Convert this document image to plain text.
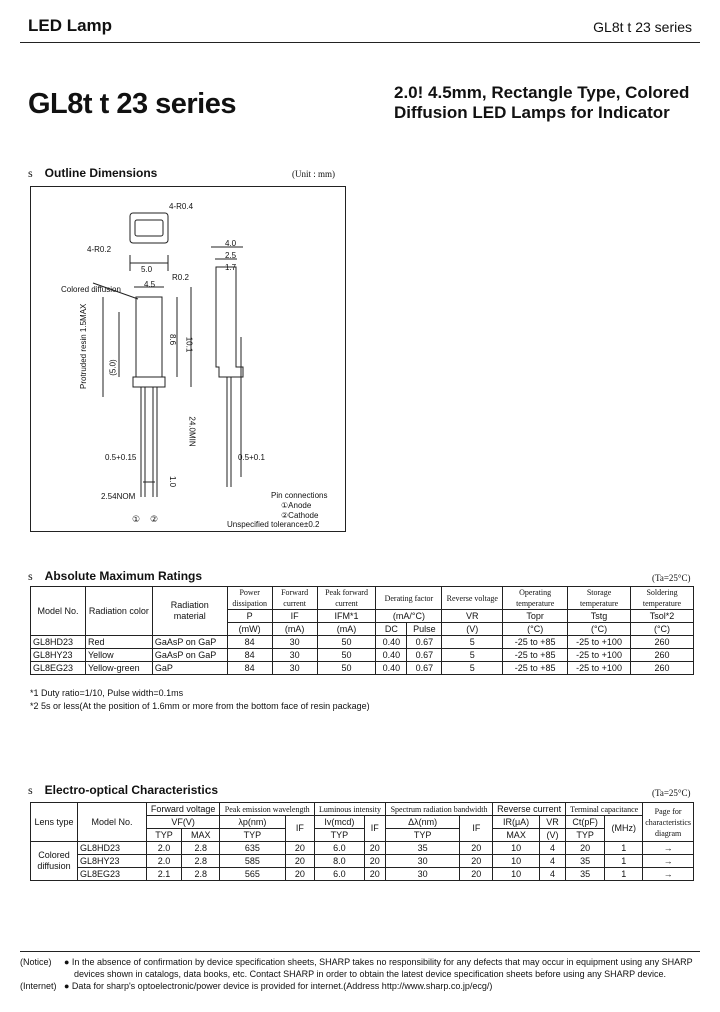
LED Lamp	GL8t t 23 series
GL8t t 23 series	2.0! 4.5mm, Rectangle Type, Colored Diffusion LED Lamps for Indicator
s Outline Dimensions	(Unit : mm)
4-R0.4
4-R0.2
5.0
4.5
R0.2
Colored diffusion
Protruded resin 1.5MAX	8.6 10.1
(5.0)
24.0MIN
0.5+0.15	0.5+0.1
1.0
4.0
2.5
1.7
2.54NOM
① ②
Pin connections
①Anode
②Cathode
Unspecified tolerance±0.2
s Absolute Maximum Ratings	(Ta=25°C)
Model No.	Radiation color	Radiation material	Power dissipation	Forward current	Peak forward current	Derating factor		Reverse voltage	Operating temperature	Storage temperature	Soldering temperature
			P	IF	IFM*1	(mA/°C)		VR	Topr	Tstg	Tsol*2
			(mW)	(mA)	(mA)	DC	Pulse	(V)	(°C)	(°C)	(°C)
GL8HD23	Red	GaAsP on GaP	84	30	50	0.40	0.67	5	-25 to +85	-25 to +100	260
GL8HY23	Yellow	GaAsP on GaP	84	30	50	0.40	0.67	5	-25 to +85	-25 to +100	260
GL8EG23	Yellow-green	GaP	84	30	50	0.40	0.67	5	-25 to +85	-25 to +100	260
*1 Duty ratio=1/10, Pulse width=0.1ms
*2 5s or less(At the position of 1.6mm or more from the bottom face of resin package)
s Electro-optical Characteristics	(Ta=25°C)
Lens type	Model No.	Forward voltage		Peak emission wavelength		Luminous intensity		Spectrum radiation bandwidth		Reverse current		Terminal capacitance		Page for characteristics diagram
		VF(V)		λp(nm)	IF	Iv(mcd)	IF	Δλ(nm)	IF	IR(μA)	VR	Ct(pF)	(MHz)	
		TYP	MAX	TYP		TYP		TYP		MAX	(V)	TYP		
Colored diffusion	GL8HD23	2.0	2.8	635	20	6.0	20	35	20	10	4	20	1	→
	GL8HY23	2.0	2.8	585	20	8.0	20	30	20	10	4	35	1	→
	GL8EG23	2.1	2.8	565	20	6.0	20	30	20	10	4	35	1	→
(Notice) ● In the absence of confirmation by device specification sheets, SHARP takes no responsibility for any defects that may occur in equipment using any SHARP
devices shown in catalogs, data books, etc. Contact SHARP in order to obtain the latest device specification sheets before using any SHARP device.
(Internet) ● Data for sharp's optoelectronic/power device is provided for internet.(Address http://www.sharp.co.jp/ecg/)
